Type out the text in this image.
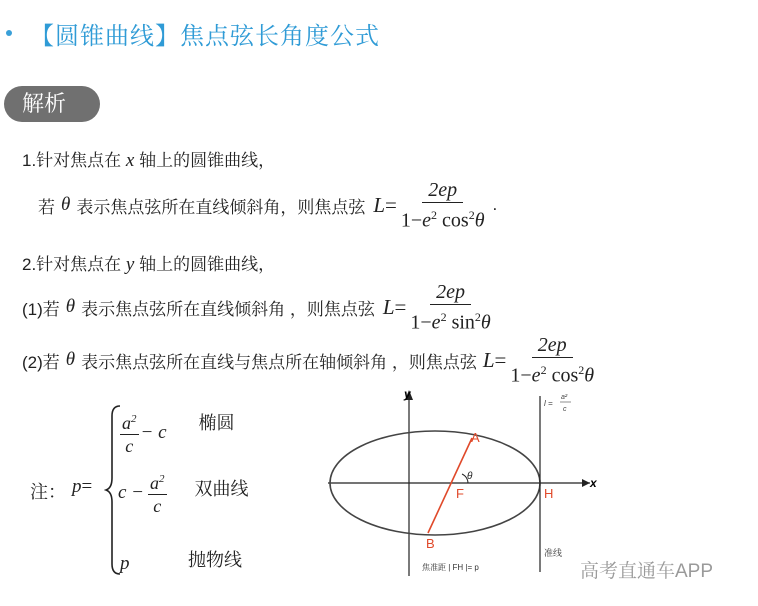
【圆锥曲线】焦点弦长角度公式
解析
1.针对焦点在 x 轴上的圆锥曲线，
若 θ 表示焦点弦所在直线倾斜角，则焦点弦 $L= \frac{2ep}{1-e^2 \cos^2\theta}$ .
2.针对焦点在 y 轴上的圆锥曲线，
(1)若 θ 表示焦点弦所在直线倾斜角 ，则焦点弦 $L= \frac{2ep}{1-e^2 \sin^2\theta}$
(2)若 θ 表示焦点弦所在直线与焦点所在轴倾斜角 ，则焦点弦 $L= \frac{2ep}{1-e^2 \cos^2\theta}$
注： p=
$a^2$
c
− c 椭圆
$c - \frac{a^2}{c}$ 双曲线
p	抛物线
y
x
A
B
F	H
θ
l =
a²
c
准线
焦准距 | FH |= p	高考直通车APP
